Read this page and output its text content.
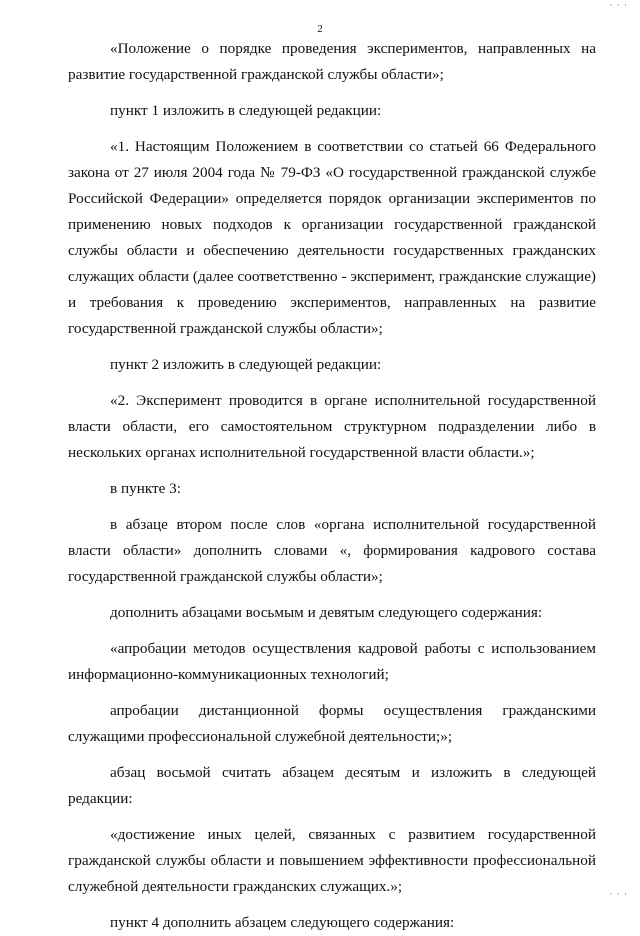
· · ·
2

«Положение о порядке проведения экспериментов, направленных на развитие государственной гражданской службы области»;

пункт 1 изложить в следующей редакции:

«1. Настоящим Положением в соответствии со статьей 66 Федерального закона от 27 июля 2004 года № 79-ФЗ «О государственной гражданской службе Российской Федерации» определяется порядок организации экспериментов по применению новых подходов к организации государственной гражданской службы области и обеспечению деятельности государственных гражданских служащих области (далее соответственно - эксперимент, гражданские служащие) и требования к проведению экспериментов, направленных на развитие государственной гражданской службы области»;

пункт 2 изложить в следующей редакции:

«2. Эксперимент проводится в органе исполнительной государственной власти области, его самостоятельном структурном подразделении либо в нескольких органах исполнительной государственной власти области.»;

в пункте 3:

в абзаце втором после слов «органа исполнительной государственной власти области» дополнить словами «, формирования кадрового состава государственной гражданской службы области»;

дополнить абзацами восьмым и девятым следующего содержания:

«апробации методов осуществления кадровой работы с использованием информационно-коммуникационных технологий;

апробации дистанционной формы осуществления гражданскими служащими профессиональной служебной деятельности;»;

абзац восьмой считать абзацем десятым и изложить в следующей редакции:

«достижение иных целей, связанных с развитием государственной гражданской службы области и повышением эффективности профессиональной служебной деятельности гражданских служащих.»;

пункт 4 дополнить абзацем следующего содержания:

· · ·
